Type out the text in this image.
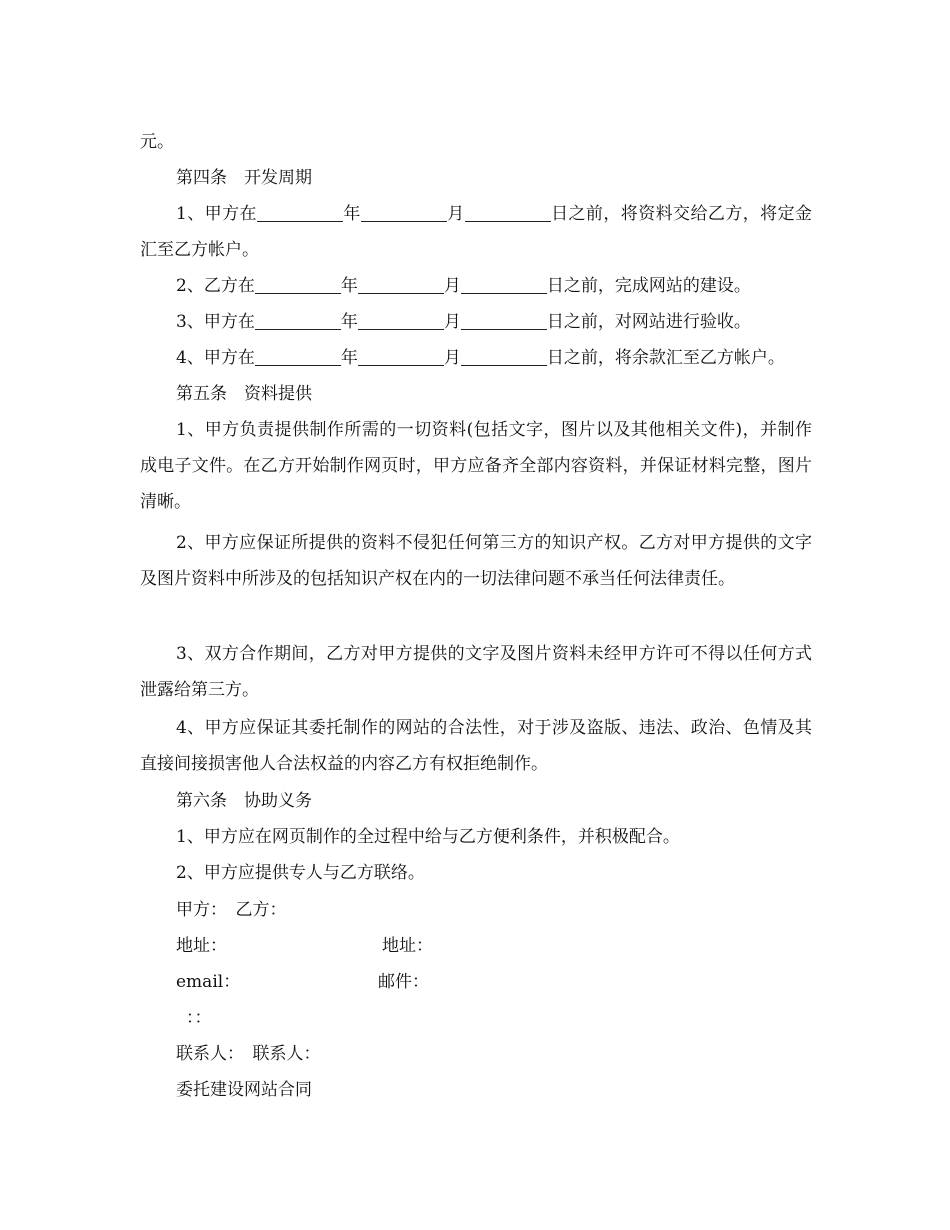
元。

第四条　开发周期

1、甲方在	年	月	日之前，将资料交给乙方，将定金汇至乙方帐户。

2、乙方在	年	月	日之前，完成网站的建设。

3、甲方在	年	月	日之前，对网站进行验收。

4、甲方在	年	月	日之前，将余款汇至乙方帐户。

第五条　资料提供

1、甲方负责提供制作所需的一切资料(包括文字，图片以及其他相关文件)，并制作成电子文件。在乙方开始制作网页时，甲方应备齐全部内容资料，并保证材料完整，图片清晰。

2、甲方应保证所提供的资料不侵犯任何第三方的知识产权。乙方对甲方提供的文字及图片资料中所涉及的包括知识产权在内的一切法律问题不承当任何法律责任。

3、双方合作期间，乙方对甲方提供的文字及图片资料未经甲方许可不得以任何方式泄露给第三方。

4、甲方应保证其委托制作的网站的合法性，对于涉及盗版、违法、政治、色情及其直接间接损害他人合法权益的内容乙方有权拒绝制作。

第六条　协助义务

1、甲方应在网页制作的全过程中给与乙方便利条件，并积极配合。

2、甲方应提供专人与乙方联络。

甲方：　乙方：

地址：	地址：

email：	邮件：

：：

联系人：　联系人：

委托建设网站合同
